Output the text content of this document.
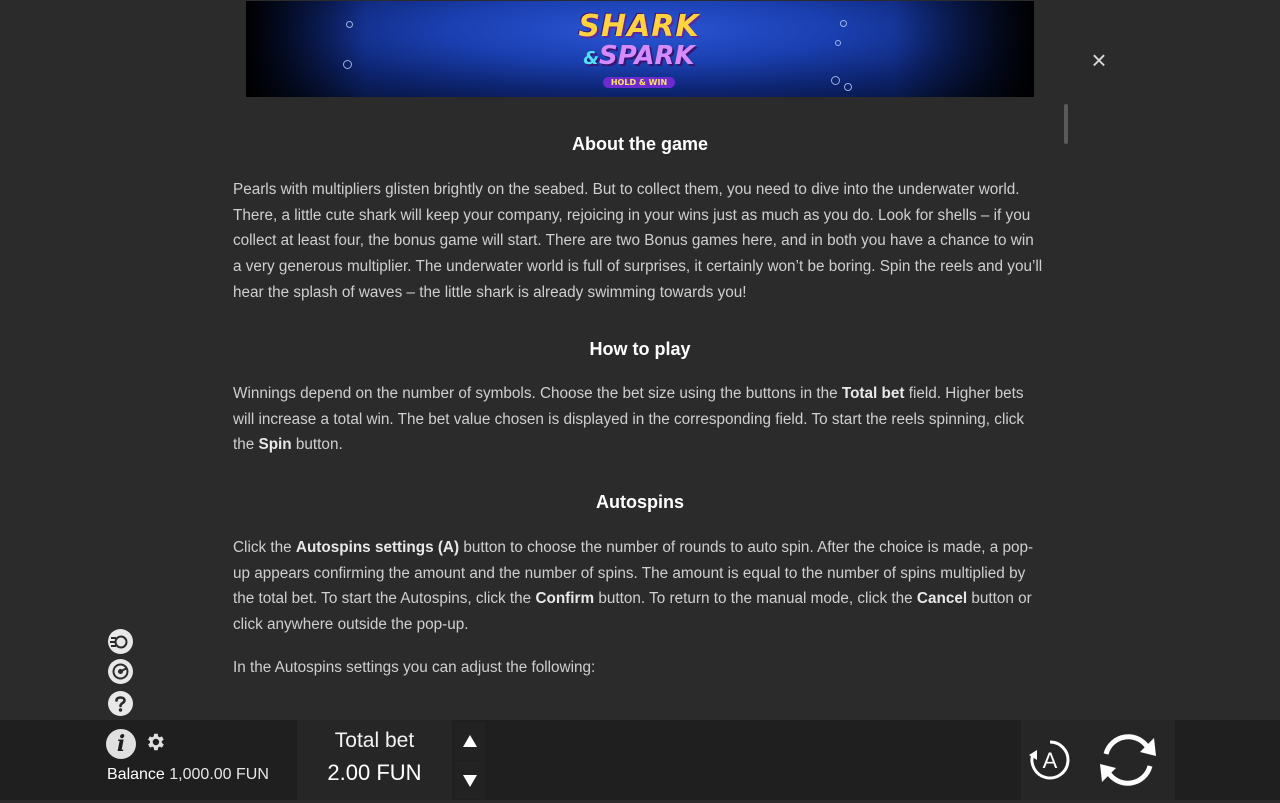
SHARK
&SPARK
HOLD & WIN
×
About the game

Pearls with multipliers glisten brightly on the seabed. But to collect them, you need to dive into the underwater world. There, a little cute shark will keep your company, rejoicing in your wins just as much as you do. Look for shells – if you collect at least four, the bonus game will start. There are two Bonus games here, and in both you have a chance to win a very generous multiplier. The underwater world is full of surprises, it certainly won’t be boring. Spin the reels and you’ll hear the splash of waves – the little shark is already swimming towards you!

How to play

Winnings depend on the number of symbols. Choose the bet size using the buttons in the Total bet field. Higher bets will increase a total win. The bet value chosen is displayed in the corresponding field. To start the reels spinning, click the Spin button.

Autospins

Click the Autospins settings (A) button to choose the number of rounds to auto spin. After the choice is made, a pop-up appears confirming the amount and the number of spins. The amount is equal to the number of spins multiplied by the total bet. To start the Autospins, click the Confirm button. To return to the manual mode, click the Cancel button or click anywhere outside the pop-up.

In the Autospins settings you can adjust the following:

i
Balance 1,000.00 FUN
Total bet
2.00 FUN	A
